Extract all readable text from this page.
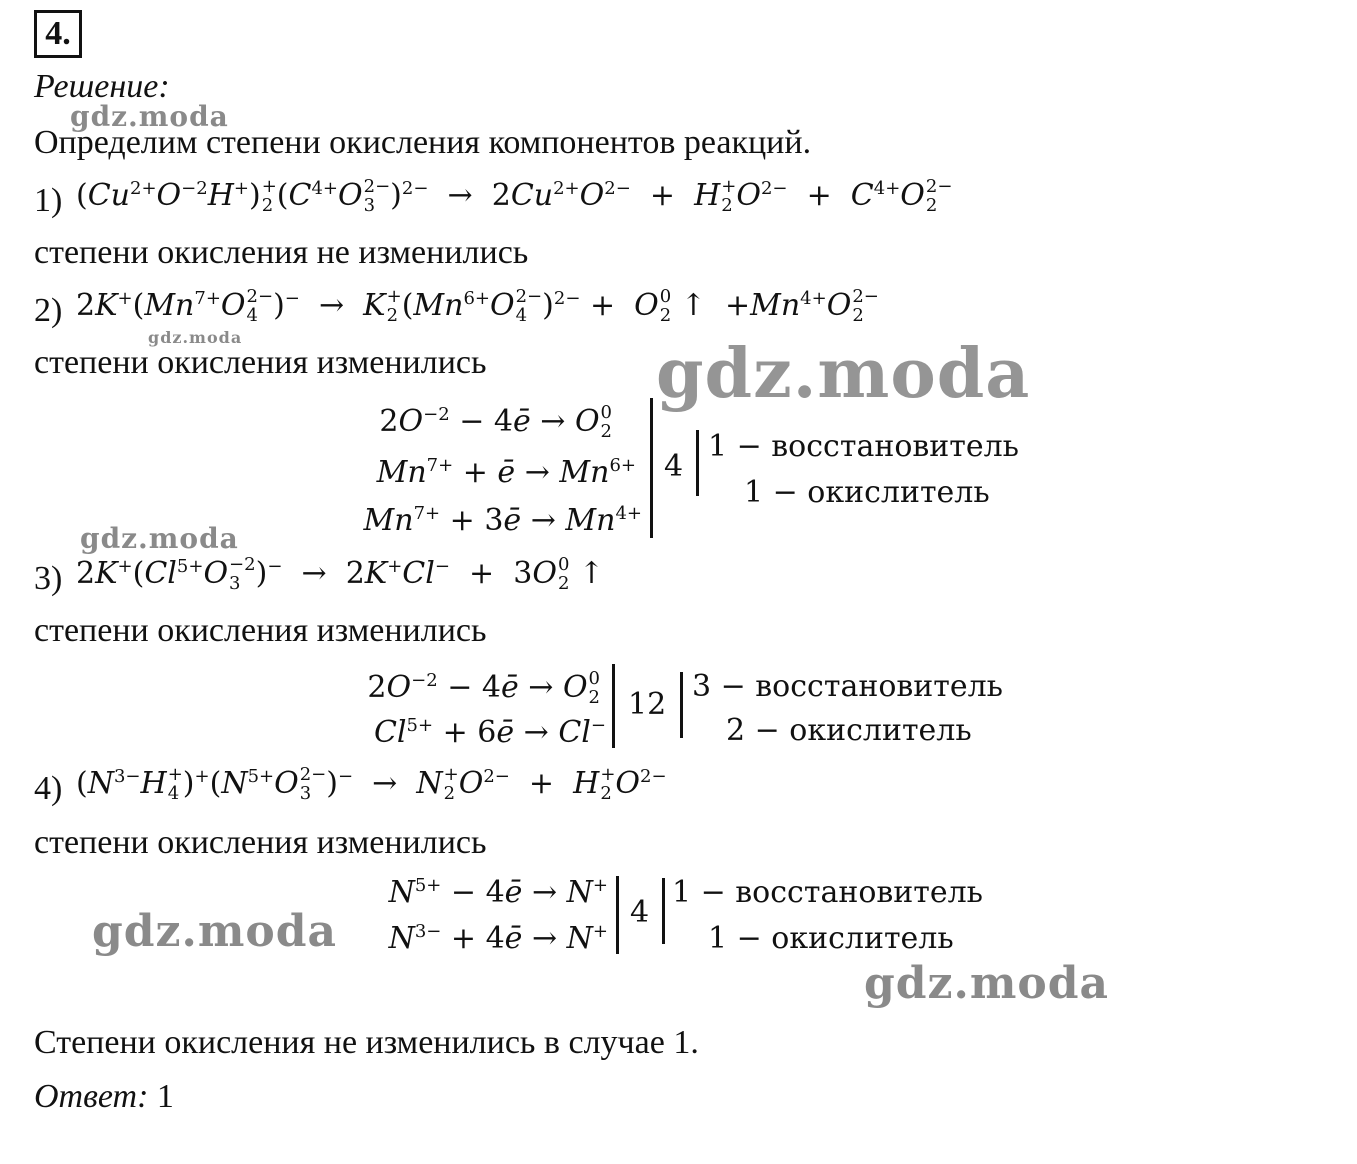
4.
Решение:
Определим степени окисления компонентов реакций.
1) $(Cu^{2+}O^{-2}H^+)$ +
2 ($C^{4+}O$ 2−
3 )$^{2-} \to 2Cu^{2+}O^{2-} + H$ +
2 $O^{2-} + C^{4+}O$ 2−
2
степени окисления не изменились
2) $2K^+(Mn^{7+}O$ 2−
4 )−  →  K +
2 ($Mn^{6+}O$ 2−
4 )$^{2-}$ +  O 0
2 ↑  $+Mn^{4+}O$ 2−
2
степени окисления изменились
$2O^{-2}$ − 4ē → O 0
2
$Mn^{7+}$ + ē → $Mn^{6+}$
$Mn^{7+}$ + 3ē → $Mn^{4+}$
4
1 − восстановитель
1 − окислитель
3) $2K^+(Cl^{5+}O -2$
3 )−  →  2K+Cl−  +  3O 0
2 ↑
степени окисления изменились
$2O^{-2}$ − 4ē → O 0
2
$Cl^{5+}$ + 6ē → Cl−
12
3 − восстановитель
2 − окислитель
4) ($N^{3-}H$ +
4 )$^+(N^{5+}O$ 2−
3 )−  →  N +
2 $O^{2-} + H$ +
2 $O^{2-}$
степени окисления изменились
$N^{5+}$ − 4ē → N+
$N^{3-}$ + 4ē → N+
4
1 − восстановитель
1 − окислитель
Степени окисления не изменились в случае 1.
Ответ: 1
gdz.moda
gdz.moda	gdz.moda
gdz.moda
gdz.moda
gdz.moda
